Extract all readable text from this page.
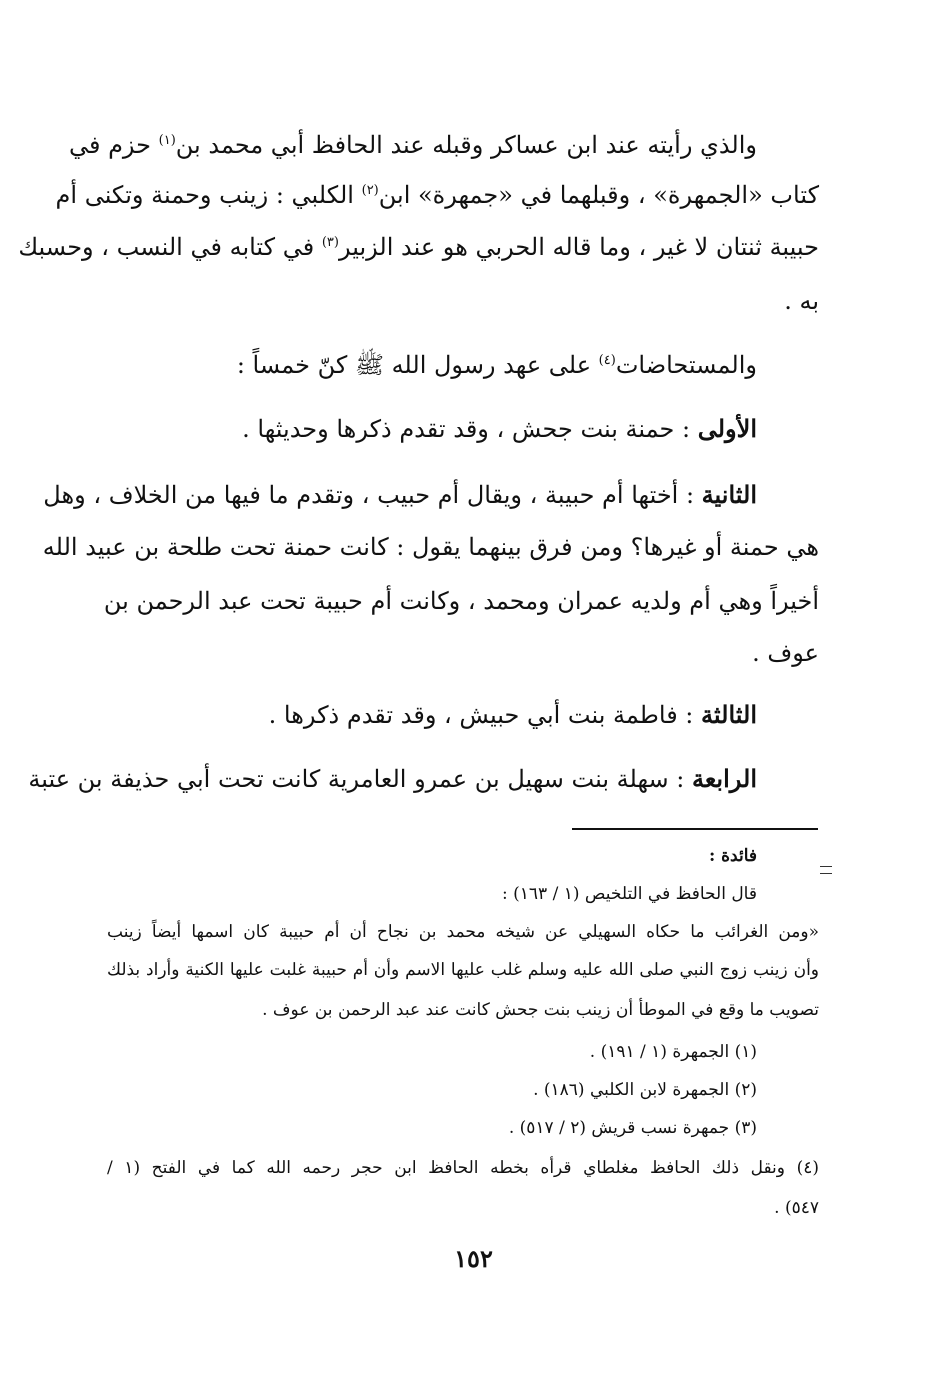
والذي رأيته عند ابن عساكر وقبله عند الحافظ أبي محمد بن$^{(١)}$ حزم في
كتاب «الجمهرة» ، وقبلهما في «جمهرة» ابن$^{(٢)}$ الكلبي : زينب وحمنة وتكنى أم
حبيبة ثنتان لا غير ، وما قاله الحربي هو عند الزبير$^{(٣)}$ في كتابه في النسب ، وحسبك
به .
والمستحاضات$^{(٤)}$ على عهد رسول الله ﷺ كنّ خمساً :
الأولى : حمنة بنت جحش ، وقد تقدم ذكرها وحديثها .
الثانية : أختها أم حبيبة ، ويقال أم حبيب ، وتقدم ما فيها من الخلاف ، وهل
هي حمنة أو غيرها؟ ومن فرق بينهما يقول : كانت حمنة تحت طلحة بن عبيد الله
أخيراً وهي أم ولديه عمران ومحمد ، وكانت أم حبيبة تحت عبد الرحمن بن
عوف .
الثالثة : فاطمة بنت أبي حبيش ، وقد تقدم ذكرها .
الرابعة : سهلة بنت سهيل بن عمرو العامرية كانت تحت أبي حذيفة بن عتبة
فائدة :
قال الحافظ في التلخيص (١ / ١٦٣) :
«ومن الغرائب ما حكاه السهيلي عن شيخه محمد بن نجاح أن أم حبيبة كان اسمها أيضاً زينب
وأن زينب زوج النبي صلى الله عليه وسلم غلب عليها الاسم وأن أم حبيبة غلبت عليها الكنية وأراد بذلك
تصويب ما وقع في الموطأ أن زينب بنت جحش كانت عند عبد الرحمن بن عوف .
(١) الجمهرة (١ / ١٩١) .
(٢) الجمهرة لابن الكلبي (١٨٦) .
(٣) جمهرة نسب قريش (٢ / ٥١٧) .
(٤) ونقل ذلك الحافظ مغلطاي قرأه بخطه الحافظ ابن حجر رحمه الله كما في الفتح (١ /
٥٤٧) .
١٥٢
